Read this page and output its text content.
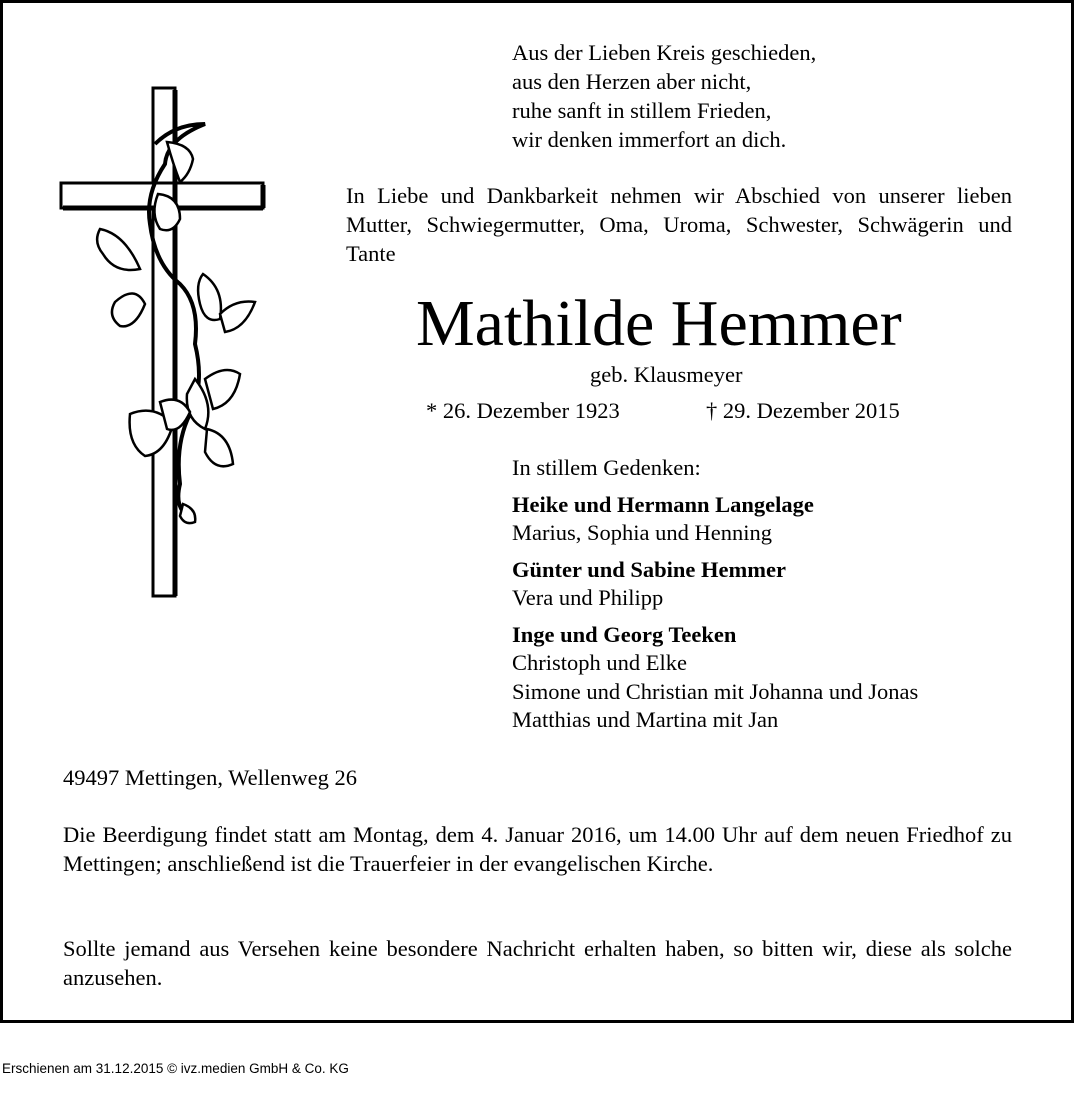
Aus der Lieben Kreis geschieden,
aus den Herzen aber nicht,
ruhe sanft in stillem Frieden,
wir denken immerfort an dich.
In Liebe und Dankbarkeit nehmen wir Abschied von unserer lieben Mutter, Schwiegermutter, Oma, Uroma, Schwester, Schwägerin und Tante
Mathilde Hemmer
geb. Klausmeyer
* 26. Dezember 1923	† 29. Dezember 2015
In stillem Gedenken:
Heike und Hermann Langelage
Marius, Sophia und Henning
Günter und Sabine Hemmer
Vera und Philipp
Inge und Georg Teeken
Christoph und Elke
Simone und Christian mit Johanna und Jonas
Matthias und Martina mit Jan
49497 Mettingen, Wellenweg 26
Die Beerdigung findet statt am Montag, dem 4. Januar 2016, um 14.00 Uhr auf dem neuen Friedhof zu Mettingen; anschließend ist die Trauerfeier in der evangelischen Kirche.
Sollte jemand aus Versehen keine besondere Nachricht erhalten haben, so bitten wir, diese als solche anzusehen.
Erschienen am 31.12.2015 © ivz.medien GmbH & Co. KG
